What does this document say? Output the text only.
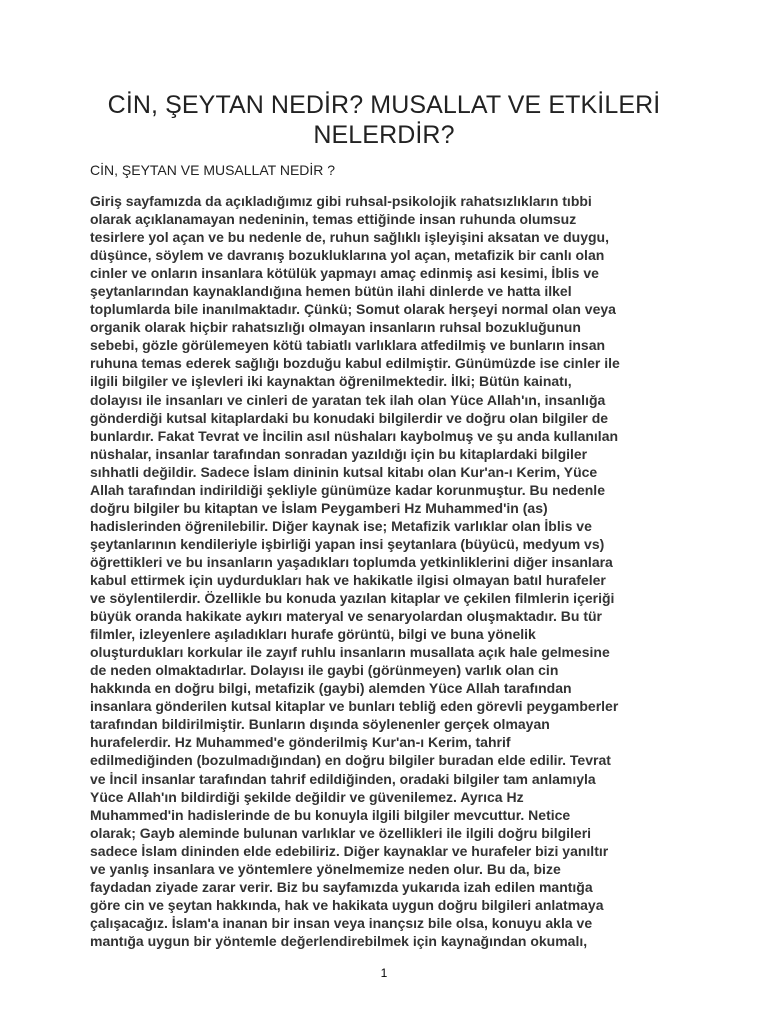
CİN, ŞEYTAN NEDİR? MUSALLAT VE ETKİLERİ NELERDİR?

CİN, ŞEYTAN VE MUSALLAT NEDİR ?

Giriş sayfamızda da açıkladığımız gibi ruhsal-psikolojik rahatsızlıkların tıbbi
olarak açıklanamayan nedeninin, temas ettiğinde insan ruhunda olumsuz
tesirlere yol açan ve bu nedenle de, ruhun sağlıklı işleyişini aksatan ve duygu,
düşünce, söylem ve davranış bozukluklarına yol açan, metafizik bir canlı olan
cinler ve onların insanlara kötülük yapmayı amaç edinmiş asi kesimi, İblis ve
şeytanlarından kaynaklandığına hemen bütün ilahi dinlerde ve hatta ilkel
toplumlarda bile inanılmaktadır. Çünkü; Somut olarak herşeyi normal olan veya
organik olarak hiçbir rahatsızlığı olmayan insanların ruhsal bozukluğunun
sebebi, gözle görülemeyen kötü tabiatlı varlıklara atfedilmiş ve bunların insan
ruhuna temas ederek sağlığı bozduğu kabul edilmiştir. Günümüzde ise cinler ile
ilgili bilgiler ve işlevleri iki kaynaktan öğrenilmektedir. İlki; Bütün kainatı,
dolayısı ile insanları ve cinleri de yaratan tek ilah olan Yüce Allah'ın, insanlığa
gönderdiği kutsal kitaplardaki bu konudaki bilgilerdir ve doğru olan bilgiler de
bunlardır. Fakat Tevrat ve İncilin asıl nüshaları kaybolmuş ve şu anda kullanılan
nüshalar, insanlar tarafından sonradan yazıldığı için bu kitaplardaki bilgiler
sıhhatli değildir. Sadece İslam dininin kutsal kitabı olan Kur'an-ı Kerim, Yüce
Allah tarafından indirildiği şekliyle günümüze kadar korunmuştur. Bu nedenle
doğru bilgiler bu kitaptan ve İslam Peygamberi Hz Muhammed'in (as)
hadislerinden öğrenilebilir. Diğer kaynak ise; Metafizik varlıklar olan İblis ve
şeytanlarının kendileriyle işbirliği yapan insi şeytanlara (büyücü, medyum vs)
öğrettikleri ve bu insanların yaşadıkları toplumda yetkinliklerini diğer insanlara
kabul ettirmek için uydurdukları hak ve hakikatle ilgisi olmayan batıl hurafeler
ve söylentilerdir. Özellikle bu konuda yazılan kitaplar ve çekilen filmlerin içeriği
büyük oranda hakikate aykırı materyal ve senaryolardan oluşmaktadır. Bu tür
filmler, izleyenlere aşıladıkları hurafe görüntü, bilgi ve buna yönelik
oluşturdukları korkular ile zayıf ruhlu insanların musallata açık hale gelmesine
de neden olmaktadırlar. Dolayısı ile gaybi (görünmeyen) varlık olan cin
hakkında en doğru bilgi, metafizik (gaybi) alemden Yüce Allah tarafından
insanlara gönderilen kutsal kitaplar ve bunları tebliğ eden görevli peygamberler
tarafından bildirilmiştir. Bunların dışında söylenenler gerçek olmayan
hurafelerdir. Hz Muhammed'e gönderilmiş Kur'an-ı Kerim, tahrif
edilmediğinden (bozulmadığından) en doğru bilgiler buradan elde edilir. Tevrat
ve İncil insanlar tarafından tahrif edildiğinden, oradaki bilgiler tam anlamıyla
Yüce Allah'ın bildirdiği şekilde değildir ve güvenilemez. Ayrıca Hz
Muhammed'in hadislerinde de bu konuyla ilgili bilgiler mevcuttur. Netice
olarak; Gayb aleminde bulunan varlıklar ve özellikleri ile ilgili doğru bilgileri
sadece İslam dininden elde edebiliriz. Diğer kaynaklar ve hurafeler bizi yanıltır
ve yanlış insanlara ve yöntemlere yönelmemize neden olur. Bu da, bize
faydadan ziyade zarar verir. Biz bu sayfamızda yukarıda izah edilen mantığa
göre cin ve şeytan hakkında, hak ve hakikata uygun doğru bilgileri anlatmaya
çalışacağız. İslam'a inanan bir insan veya inançsız bile olsa, konuyu akla ve
mantığa uygun bir yöntemle değerlendirebilmek için kaynağından okumalı,
1
